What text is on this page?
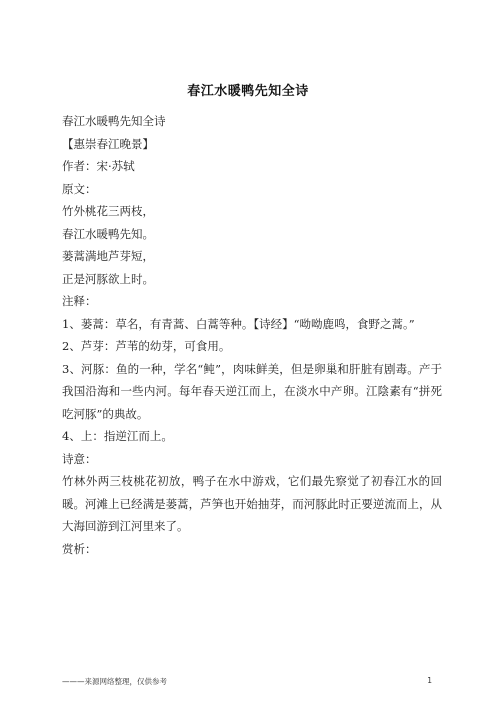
春江水暖鸭先知全诗

春江水暖鸭先知全诗

【惠崇春江晚景】

作者：宋·苏轼

原文：

竹外桃花三两枝，

春江水暖鸭先知。

蒌蒿满地芦芽短，

正是河豚欲上时。

注释：

1、蒌蒿：草名，有青蒿、白蒿等种。【诗经】“呦呦鹿鸣，食野之蒿。”

2、芦芽：芦苇的幼芽，可食用。

3、河豚：鱼的一种，学名“鲀”，肉味鲜美，但是卵巢和肝脏有剧毒。产于我国沿海和一些内河。每年春天逆江而上，在淡水中产卵。江陰素有“拼死吃河豚”的典故。

4、上：指逆江而上。

诗意：

竹林外两三枝桃花初放，鸭子在水中游戏，它们最先察觉了初春江水的回暖。河滩上已经满是蒌蒿，芦笋也开始抽芽，而河豚此时正要逆流而上，从大海回游到江河里来了。

赏析：

———来源网络整理，仅供参考	1
